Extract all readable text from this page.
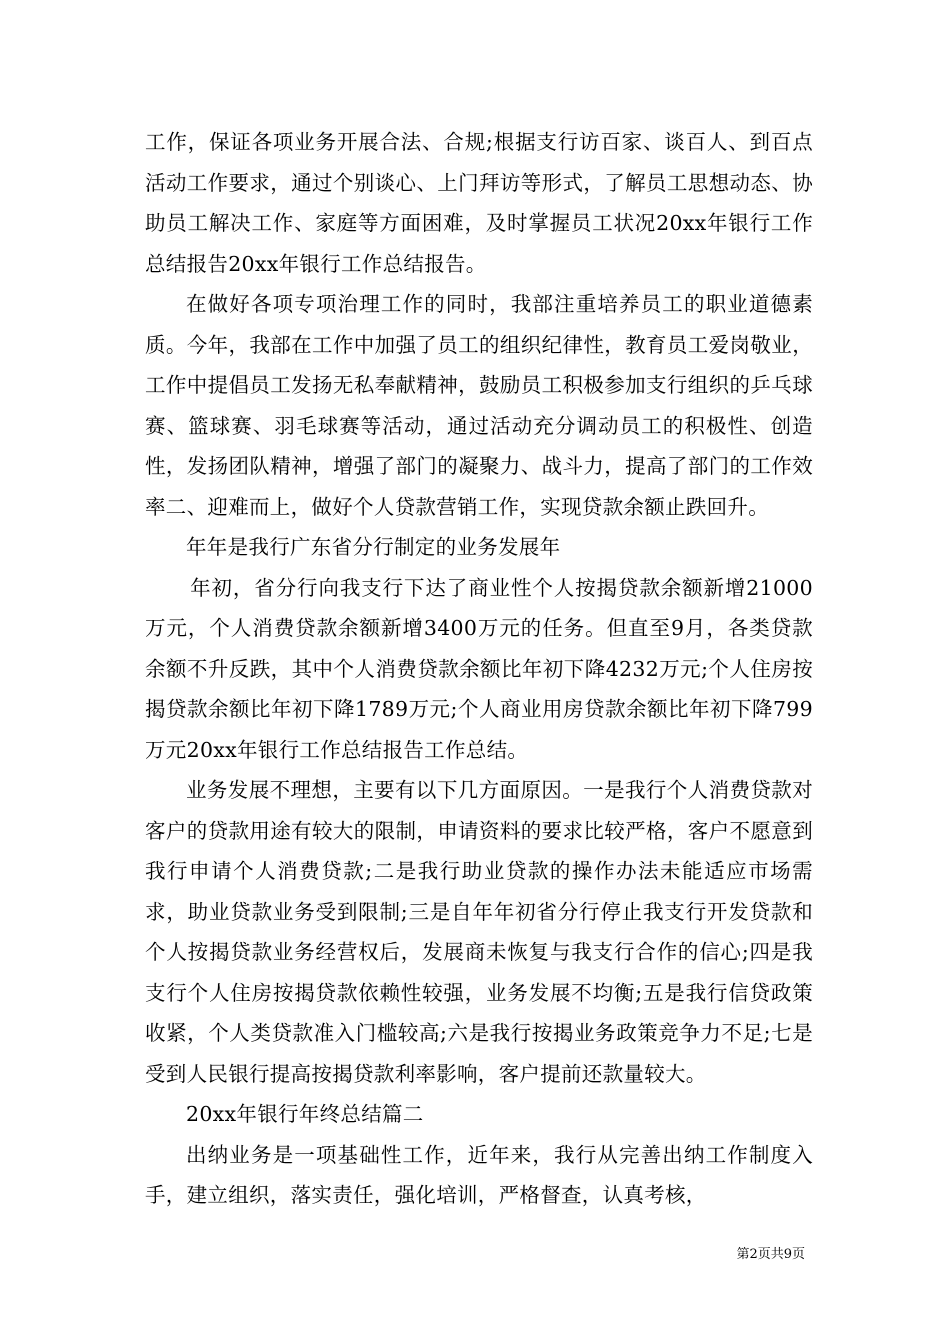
工作，保证各项业务开展合法、合规;根据支行访百家、谈百人、到百点活动工作要求，通过个别谈心、上门拜访等形式，了解员工思想动态、协助员工解决工作、家庭等方面困难，及时掌握员工状况20xx年银行工作总结报告20xx年银行工作总结报告。

在做好各项专项治理工作的同时，我部注重培养员工的职业道德素质。今年，我部在工作中加强了员工的组织纪律性，教育员工爱岗敬业，工作中提倡员工发扬无私奉献精神，鼓励员工积极参加支行组织的乒乓球赛、篮球赛、羽毛球赛等活动，通过活动充分调动员工的积极性、创造性，发扬团队精神，增强了部门的凝聚力、战斗力，提高了部门的工作效率二、迎难而上，做好个人贷款营销工作，实现贷款余额止跌回升。

年年是我行广东省分行制定的业务发展年

年初，省分行向我支行下达了商业性个人按揭贷款余额新增21000万元，个人消费贷款余额新增3400万元的任务。但直至9月，各类贷款余额不升反跌，其中个人消费贷款余额比年初下降4232万元;个人住房按揭贷款余额比年初下降1789万元;个人商业用房贷款余额比年初下降799万元20xx年银行工作总结报告工作总结。

业务发展不理想，主要有以下几方面原因。一是我行个人消费贷款对客户的贷款用途有较大的限制，申请资料的要求比较严格，客户不愿意到我行申请个人消费贷款;二是我行助业贷款的操作办法未能适应市场需求，助业贷款业务受到限制;三是自年年初省分行停止我支行开发贷款和个人按揭贷款业务经营权后，发展商未恢复与我支行合作的信心;四是我支行个人住房按揭贷款依赖性较强，业务发展不均衡;五是我行信贷政策收紧，个人类贷款准入门槛较高;六是我行按揭业务政策竞争力不足;七是受到人民银行提高按揭贷款利率影响，客户提前还款量较大。

20xx年银行年终总结篇二

出纳业务是一项基础性工作，近年来，我行从完善出纳工作制度入手，建立组织，落实责任，强化培训，严格督查，认真考核，

第2页共9页
